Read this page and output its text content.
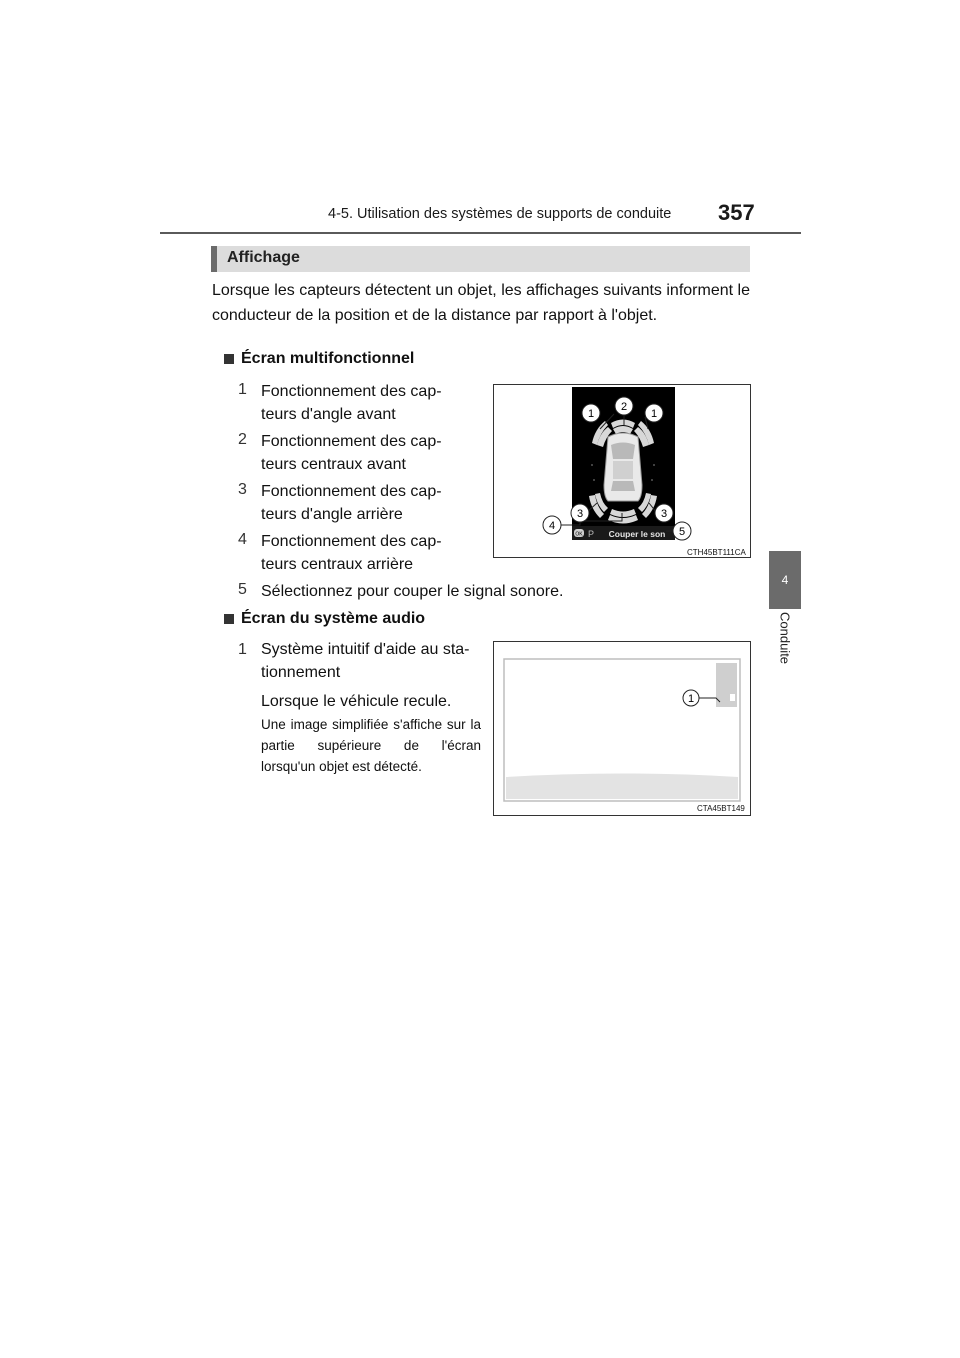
4-5. Utilisation des systèmes de supports de conduite 357
4
Conduite
Affichage
Lorsque les capteurs détectent un objet, les affichages suivants informent le conducteur de la position et de la distance par rapport à l'objet.
Écran multifonctionnel
1 Fonctionnement des cap-
teurs d'angle avant
2 Fonctionnement des cap-
teurs centraux avant
3 Fonctionnement des cap-
teurs d'angle arrière
4 Fonctionnement des cap-
teurs centraux arrière
5 Sélectionnez pour couper le signal sonore.
OK P Couper le son
1
2
1
3	3
4	5
CTH45BT111CA
Écran du système audio
1 Système intuitif d'aide au sta-
tionnement
Lorsque le véhicule recule.
Une image simplifiée s'affiche sur la partie supérieure de l'écran lorsqu'un objet est détecté.
1
CTA45BT149
